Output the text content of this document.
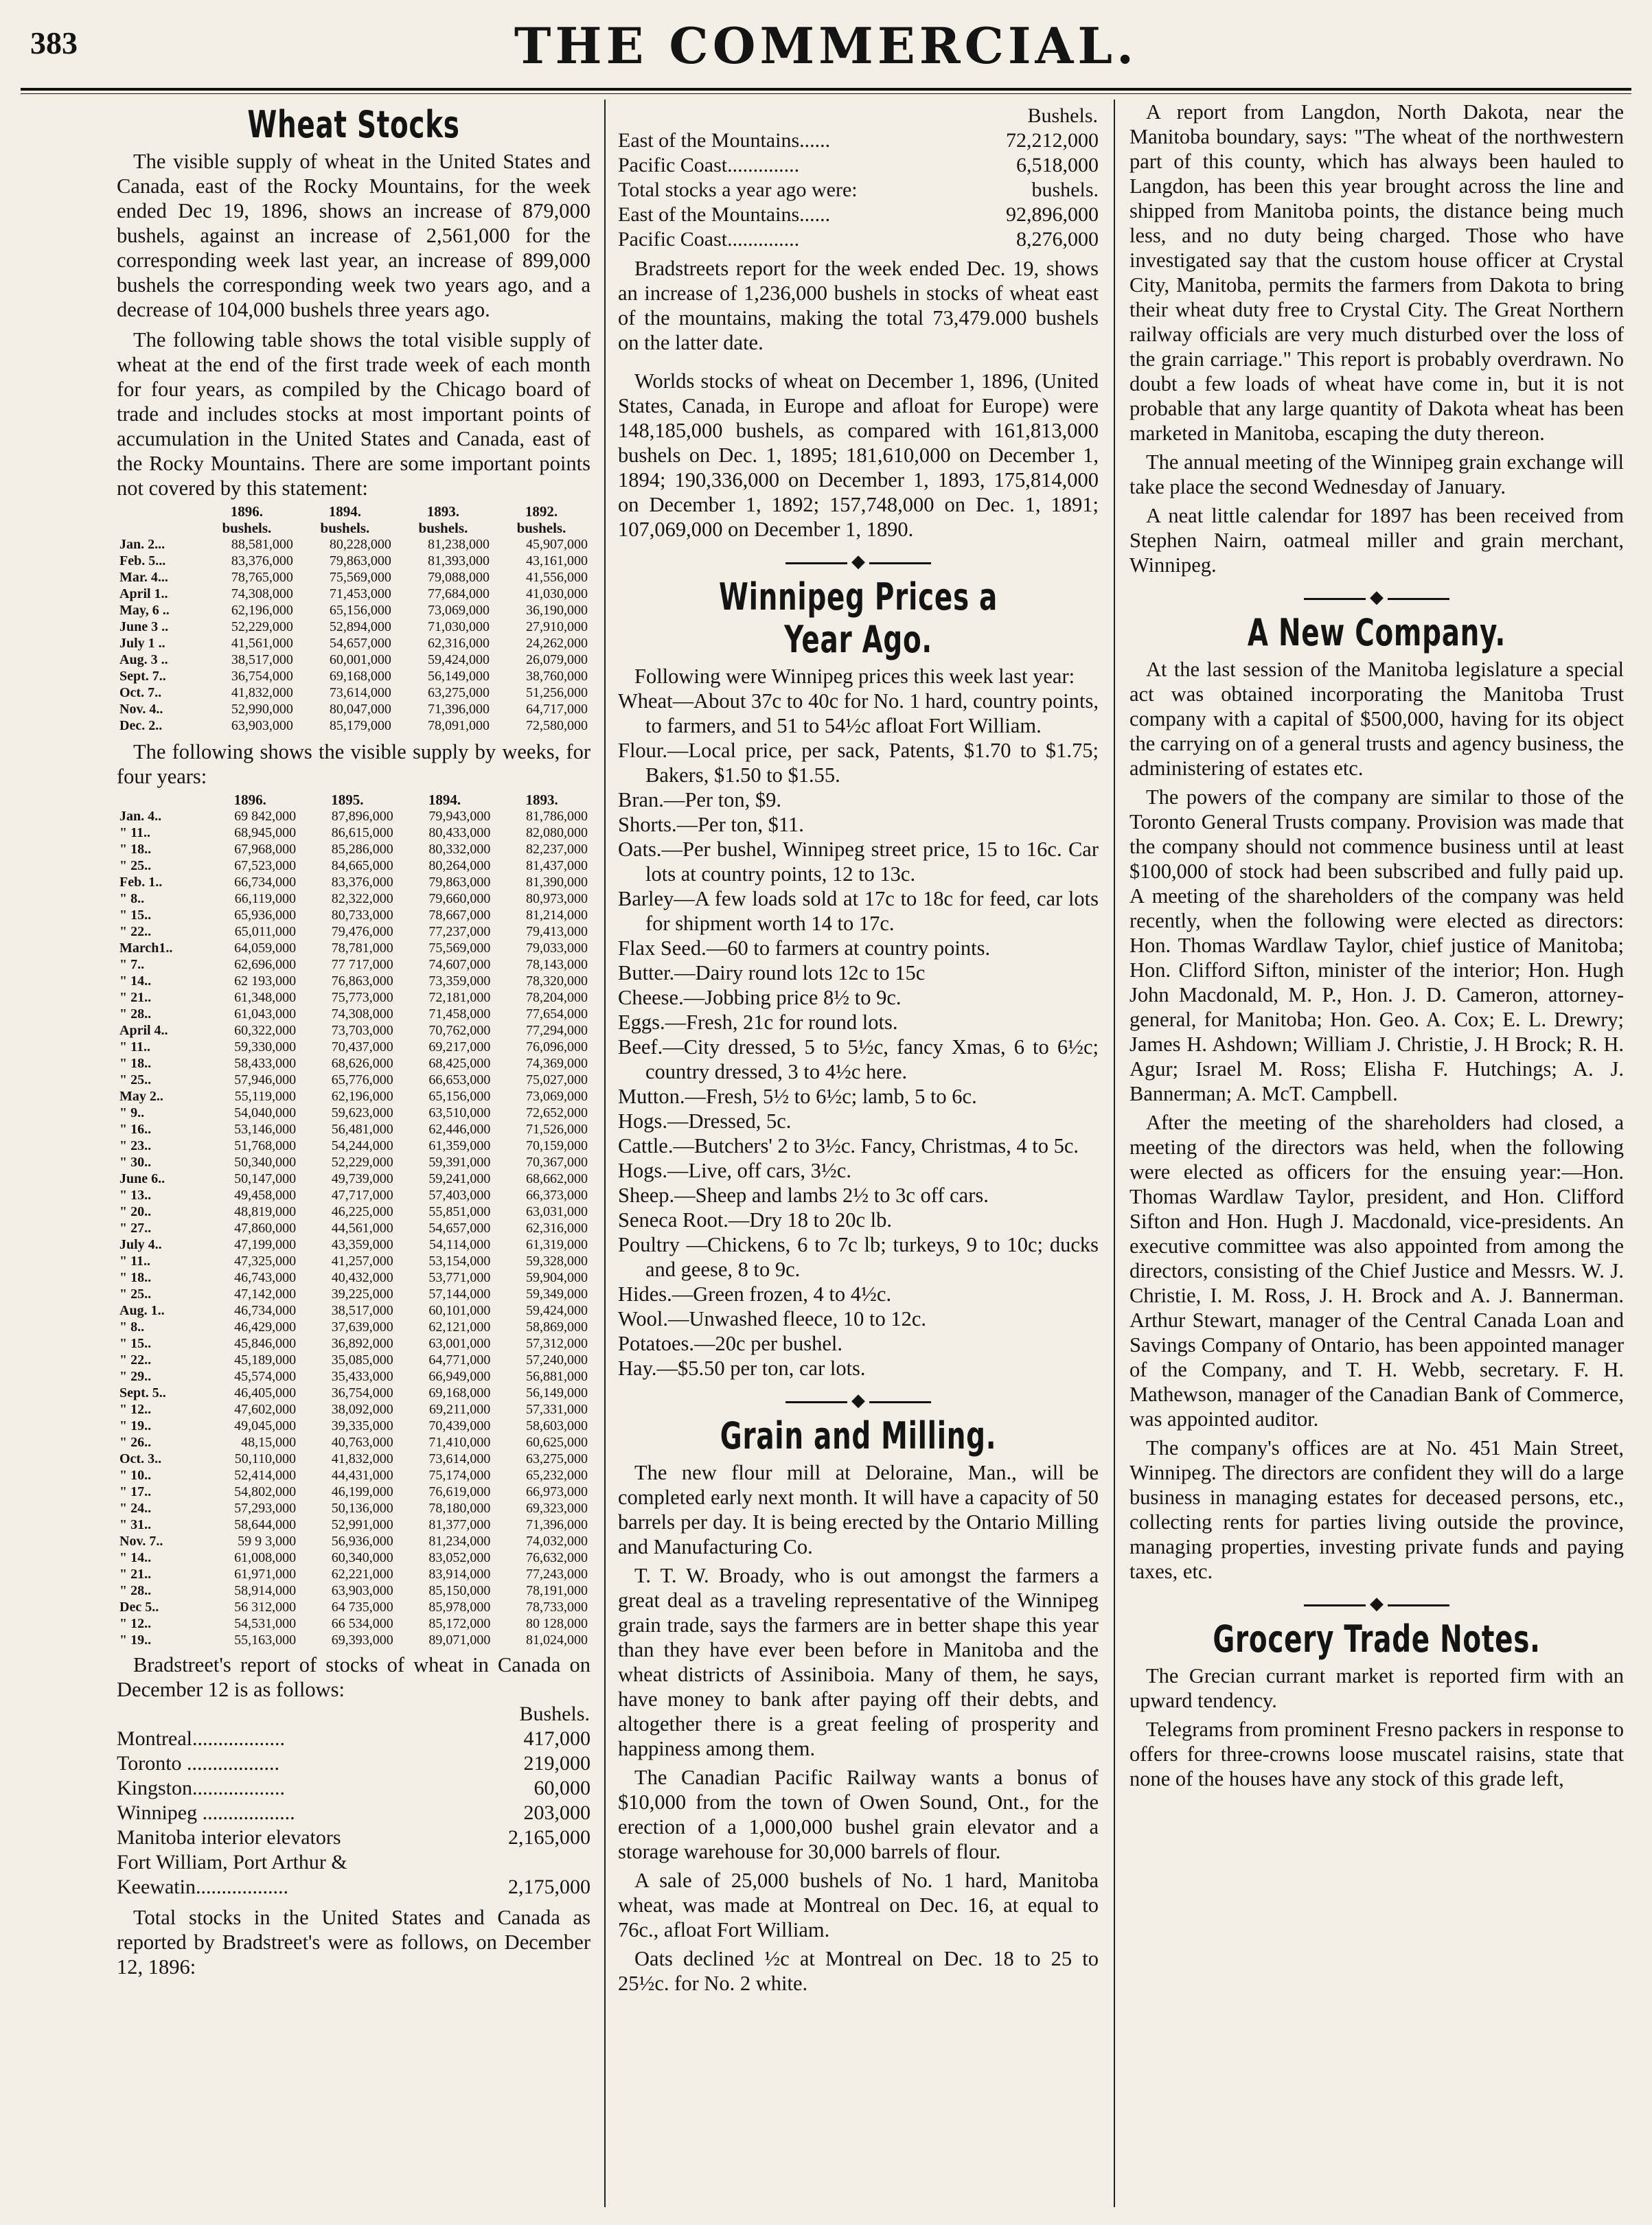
383	THE COMMERCIAL.
Wheat Stocks

The visible supply of wheat in the United States and Canada, east of the Rocky Mountains, for the week ended Dec 19, 1896, shows an increase of 879,000 bushels, against an increase of 2,561,000 for the corresponding week last year, an increase of 899,000 bushels the corresponding week two years ago, and a decrease of 104,000 bushels three years ago.

The following table shows the total visible supply of wheat at the end of the first trade week of each month for four years, as compiled by the Chicago board of trade and includes stocks at most important points of accumulation in the United States and Canada, east of the Rocky Mountains. There are some important points not covered by this statement:

	1896.	1894.	1893.	1892.
	bushels.	bushels.	bushels.	bushels.
Jan. 2...	88,581,000	80,228,000	81,238,000	45,907,000
Feb. 5...	83,376,000	79,863,000	81,393,000	43,161,000
Mar. 4...	78,765,000	75,569,000	79,088,000	41,556,000
April 1..	74,308,000	71,453,000	77,684,000	41,030,000
May, 6 ..	62,196,000	65,156,000	73,069,000	36,190,000
June 3 ..	52,229,000	52,894,000	71,030,000	27,910,000
July 1 ..	41,561,000	54,657,000	62,316,000	24,262,000
Aug. 3 ..	38,517,000	60,001,000	59,424,000	26,079,000
Sept. 7..	36,754,000	69,168,000	56,149,000	38,760,000
Oct. 7..	41,832,000	73,614,000	63,275,000	51,256,000
Nov. 4..	52,990,000	80,047,000	71,396,000	64,717,000
Dec. 2..	63,903,000	85,179,000	78,091,000	72,580,000

The following shows the visible supply by weeks, for four years:

	1896.	1895.	1894.	1893.
Jan. 4..	69 842,000	87,896,000	79,943,000	81,786,000
" 11..	68,945,000	86,615,000	80,433,000	82,080,000
" 18..	67,968,000	85,286,000	80,332,000	82,237,000
" 25..	67,523,000	84,665,000	80,264,000	81,437,000
Feb. 1..	66,734,000	83,376,000	79,863,000	81,390,000
" 8..	66,119,000	82,322,000	79,660,000	80,973,000
" 15..	65,936,000	80,733,000	78,667,000	81,214,000
" 22..	65,011,000	79,476,000	77,237,000	79,413,000
March1..	64,059,000	78,781,000	75,569,000	79,033,000
" 7..	62,696,000	77 717,000	74,607,000	78,143,000
" 14..	62 193,000	76,863,000	73,359,000	78,320,000
" 21..	61,348,000	75,773,000	72,181,000	78,204,000
" 28..	61,043,000	74,308,000	71,458,000	77,654,000
April 4..	60,322,000	73,703,000	70,762,000	77,294,000
" 11..	59,330,000	70,437,000	69,217,000	76,096,000
" 18..	58,433,000	68,626,000	68,425,000	74,369,000
" 25..	57,946,000	65,776,000	66,653,000	75,027,000
May 2..	55,119,000	62,196,000	65,156,000	73,069,000
" 9..	54,040,000	59,623,000	63,510,000	72,652,000
" 16..	53,146,000	56,481,000	62,446,000	71,526,000
" 23..	51,768,000	54,244,000	61,359,000	70,159,000
" 30..	50,340,000	52,229,000	59,391,000	70,367,000
June 6..	50,147,000	49,739,000	59,241,000	68,662,000
" 13..	49,458,000	47,717,000	57,403,000	66,373,000
" 20..	48,819,000	46,225,000	55,851,000	63,031,000
" 27..	47,860,000	44,561,000	54,657,000	62,316,000
July 4..	47,199,000	43,359,000	54,114,000	61,319,000
" 11..	47,325,000	41,257,000	53,154,000	59,328,000
" 18..	46,743,000	40,432,000	53,771,000	59,904,000
" 25..	47,142,000	39,225,000	57,144,000	59,349,000
Aug. 1..	46,734,000	38,517,000	60,101,000	59,424,000
" 8..	46,429,000	37,639,000	62,121,000	58,869,000
" 15..	45,846,000	36,892,000	63,001,000	57,312,000
" 22..	45,189,000	35,085,000	64,771,000	57,240,000
" 29..	45,574,000	35,433,000	66,949,000	56,881,000
Sept. 5..	46,405,000	36,754,000	69,168,000	56,149,000
" 12..	47,602,000	38,092,000	69,211,000	57,331,000
" 19..	49,045,000	39,335,000	70,439,000	58,603,000
" 26..	48,15,000	40,763,000	71,410,000	60,625,000
Oct. 3..	50,110,000	41,832,000	73,614,000	63,275,000
" 10..	52,414,000	44,431,000	75,174,000	65,232,000
" 17..	54,802,000	46,199,000	76,619,000	66,973,000
" 24..	57,293,000	50,136,000	78,180,000	69,323,000
" 31..	58,644,000	52,991,000	81,377,000	71,396,000
Nov. 7..	59 9 3,000	56,936,000	81,234,000	74,032,000
" 14..	61,008,000	60,340,000	83,052,000	76,632,000
" 21..	61,971,000	62,221,000	83,914,000	77,243,000
" 28..	58,914,000	63,903,000	85,150,000	78,191,000
Dec 5..	56 312,000	64 735,000	85,978,000	78,733,000
" 12..	54,531,000	66 534,000	85,172,000	80 128,000
" 19..	55,163,000	69,393,000	89,071,000	81,024,000

Bradstreet's report of stocks of wheat in Canada on December 12 is as follows:

	Bushels.
Montreal..................	417,000
Toronto ..................	219,000
Kingston..................	60,000
Winnipeg ..................	203,000
Manitoba interior elevators	2,165,000
Fort William, Port Arthur &	
Keewatin..................	2,175,000

Total stocks in the United States and Canada as reported by Bradstreet's were as follows, on December 12, 1896:

	Bushels.
East of the Mountains......	72,212,000
Pacific Coast..............	6,518,000
Total stocks a year ago were:	bushels.
East of the Mountains......	92,896,000
Pacific Coast..............	8,276,000

Bradstreets report for the week ended Dec. 19, shows an increase of 1,236,000 bushels in stocks of wheat east of the mountains, making the total 73,479.000 bushels on the latter date.

Worlds stocks of wheat on December 1, 1896, (United States, Canada, in Europe and afloat for Europe) were 148,185,000 bushels, as compared with 161,813,000 bushels on Dec. 1, 1895; 181,610,000 on December 1, 1894; 190,336,000 on December 1, 1893, 175,814,000 on December 1, 1892; 157,748,000 on Dec. 1, 1891; 107,069,000 on December 1, 1890.

◆
Winnipeg Prices a Year Ago.

Following were Winnipeg prices this week last year:

Wheat—About 37c to 40c for No. 1 hard, country points, to farmers, and 51 to 54½c afloat Fort William.

Flour.—Local price, per sack, Patents, $1.70 to $1.75; Bakers, $1.50 to $1.55.

Bran.—Per ton, $9.

Shorts.—Per ton, $11.

Oats.—Per bushel, Winnipeg street price, 15 to 16c. Car lots at country points, 12 to 13c.

Barley—A few loads sold at 17c to 18c for feed, car lots for shipment worth 14 to 17c.

Flax Seed.—60 to farmers at country points.

Butter.—Dairy round lots 12c to 15c

Cheese.—Jobbing price 8½ to 9c.

Eggs.—Fresh, 21c for round lots.

Beef.—City dressed, 5 to 5½c, fancy Xmas, 6 to 6½c; country dressed, 3 to 4½c here.

Mutton.—Fresh, 5½ to 6½c; lamb, 5 to 6c.

Hogs.—Dressed, 5c.

Cattle.—Butchers' 2 to 3½c. Fancy, Christmas, 4 to 5c.

Hogs.—Live, off cars, 3½c.

Sheep.—Sheep and lambs 2½ to 3c off cars.

Seneca Root.—Dry 18 to 20c lb.

Poultry —Chickens, 6 to 7c lb; turkeys, 9 to 10c; ducks and geese, 8 to 9c.

Hides.—Green frozen, 4 to 4½c.

Wool.—Unwashed fleece, 10 to 12c.

Potatoes.—20c per bushel.

Hay.—$5.50 per ton, car lots.

◆
Grain and Milling.

The new flour mill at Deloraine, Man., will be completed early next month. It will have a capacity of 50 barrels per day. It is being erected by the Ontario Milling and Manufacturing Co.

T. T. W. Broady, who is out amongst the farmers a great deal as a traveling representative of the Winnipeg grain trade, says the farmers are in better shape this year than they have ever been before in Manitoba and the wheat districts of Assiniboia. Many of them, he says, have money to bank after paying off their debts, and altogether there is a great feeling of prosperity and happiness among them.

The Canadian Pacific Railway wants a bonus of $10,000 from the town of Owen Sound, Ont., for the erection of a 1,000,000 bushel grain elevator and a storage warehouse for 30,000 barrels of flour.

A sale of 25,000 bushels of No. 1 hard, Manitoba wheat, was made at Montreal on Dec. 16, at equal to 76c., afloat Fort William.

Oats declined ½c at Montreal on Dec. 18 to 25 to 25½c. for No. 2 white.

A report from Langdon, North Dakota, near the Manitoba boundary, says: "The wheat of the northwestern part of this county, which has always been hauled to Langdon, has been this year brought across the line and shipped from Manitoba points, the distance being much less, and no duty being charged. Those who have investigated say that the custom house officer at Crystal City, Manitoba, permits the farmers from Dakota to bring their wheat duty free to Crystal City. The Great Northern railway officials are very much disturbed over the loss of the grain carriage." This report is probably overdrawn. No doubt a few loads of wheat have come in, but it is not probable that any large quantity of Dakota wheat has been marketed in Manitoba, escaping the duty thereon.

The annual meeting of the Winnipeg grain exchange will take place the second Wednesday of January.

A neat little calendar for 1897 has been received from Stephen Nairn, oatmeal miller and grain merchant, Winnipeg.

◆
A New Company.

At the last session of the Manitoba legislature a special act was obtained incorporating the Manitoba Trust company with a capital of $500,000, having for its object the carrying on of a general trusts and agency business, the administering of estates etc.

The powers of the company are similar to those of the Toronto General Trusts company. Provision was made that the company should not commence business until at least $100,000 of stock had been subscribed and fully paid up. A meeting of the shareholders of the company was held recently, when the following were elected as directors: Hon. Thomas Wardlaw Taylor, chief justice of Manitoba; Hon. Clifford Sifton, minister of the interior; Hon. Hugh John Macdonald, M. P., Hon. J. D. Cameron, attorney-general, for Manitoba; Hon. Geo. A. Cox; E. L. Drewry; James H. Ashdown; William J. Christie, J. H Brock; R. H. Agur; Israel M. Ross; Elisha F. Hutchings; A. J. Bannerman; A. McT. Campbell.

After the meeting of the shareholders had closed, a meeting of the directors was held, when the following were elected as officers for the ensuing year:—Hon. Thomas Wardlaw Taylor, president, and Hon. Clifford Sifton and Hon. Hugh J. Macdonald, vice-presidents. An executive committee was also appointed from among the directors, consisting of the Chief Justice and Messrs. W. J. Christie, I. M. Ross, J. H. Brock and A. J. Bannerman. Arthur Stewart, manager of the Central Canada Loan and Savings Company of Ontario, has been appointed manager of the Company, and T. H. Webb, secretary. F. H. Mathewson, manager of the Canadian Bank of Commerce, was appointed auditor.

The company's offices are at No. 451 Main Street, Winnipeg. The directors are confident they will do a large business in managing estates for deceased persons, etc., collecting rents for parties living outside the province, managing properties, investing private funds and paying taxes, etc.

◆
Grocery Trade Notes.

The Grecian currant market is reported firm with an upward tendency.

Telegrams from prominent Fresno packers in response to offers for three-crowns loose muscatel raisins, state that none of the houses have any stock of this grade left,
